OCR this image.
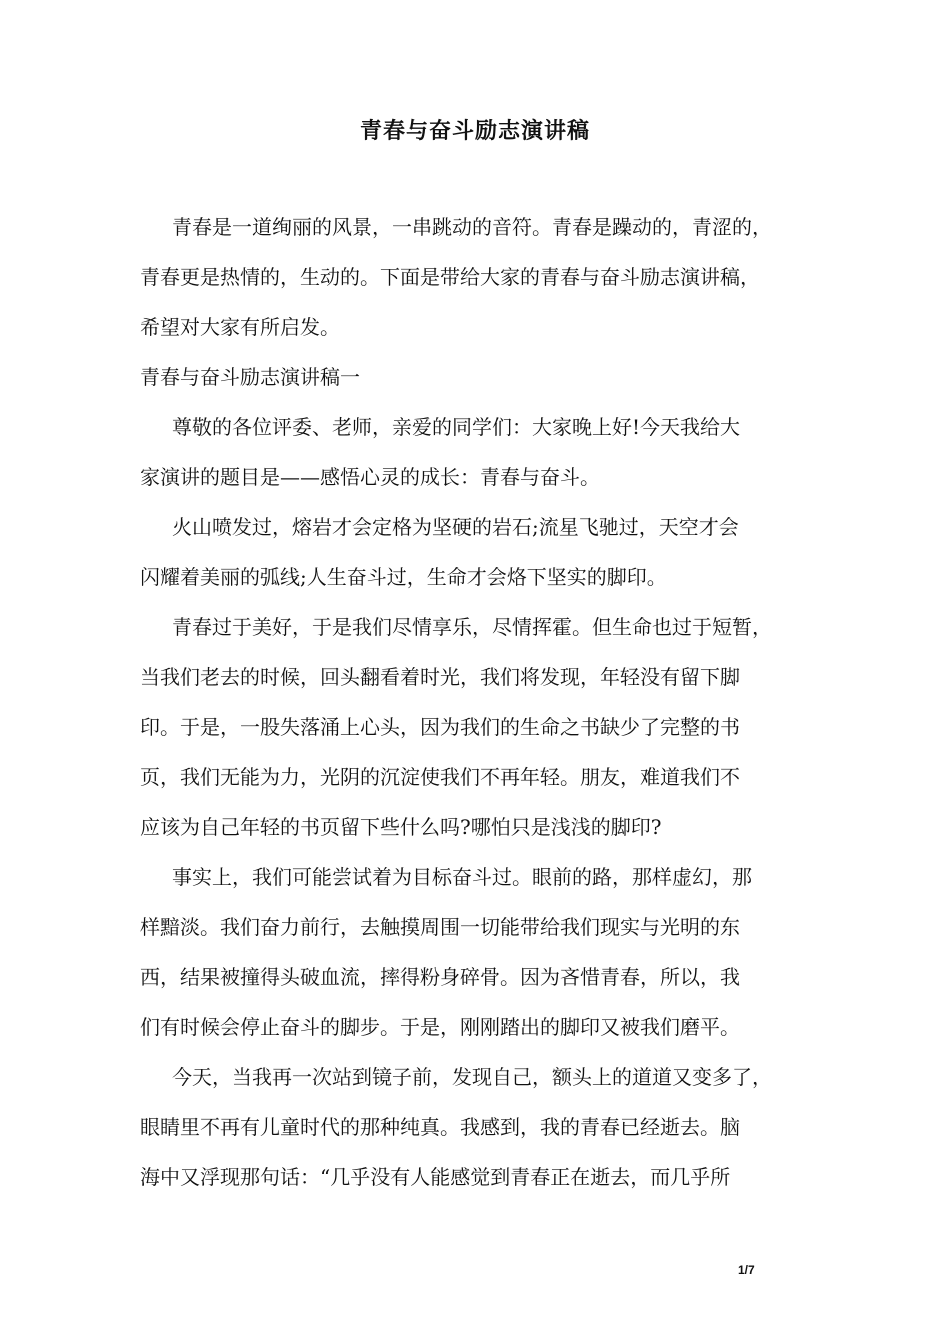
青春与奋斗励志演讲稿
青春是一道绚丽的风景，一串跳动的音符。青春是躁动的，青涩的，
青春更是热情的，生动的。下面是带给大家的青春与奋斗励志演讲稿，
希望对大家有所启发。
青春与奋斗励志演讲稿一
尊敬的各位评委、老师，亲爱的同学们：大家晚上好!今天我给大
家演讲的题目是——感悟心灵的成长：青春与奋斗。
火山喷发过，熔岩才会定格为坚硬的岩石;流星飞驰过，天空才会
闪耀着美丽的弧线;人生奋斗过，生命才会烙下坚实的脚印。
青春过于美好，于是我们尽情享乐，尽情挥霍。但生命也过于短暂，
当我们老去的时候，回头翻看着时光，我们将发现，年轻没有留下脚
印。于是，一股失落涌上心头，因为我们的生命之书缺少了完整的书
页，我们无能为力，光阴的沉淀使我们不再年轻。朋友，难道我们不
应该为自己年轻的书页留下些什么吗?哪怕只是浅浅的脚印?
事实上，我们可能尝试着为目标奋斗过。眼前的路，那样虚幻，那
样黯淡。我们奋力前行，去触摸周围一切能带给我们现实与光明的东
西，结果被撞得头破血流，摔得粉身碎骨。因为吝惜青春，所以，我
们有时候会停止奋斗的脚步。于是，刚刚踏出的脚印又被我们磨平。
今天，当我再一次站到镜子前，发现自己，额头上的道道又变多了，
眼睛里不再有儿童时代的那种纯真。我感到，我的青春已经逝去。脑
海中又浮现那句话：“几乎没有人能感觉到青春正在逝去，而几乎所
1/7
